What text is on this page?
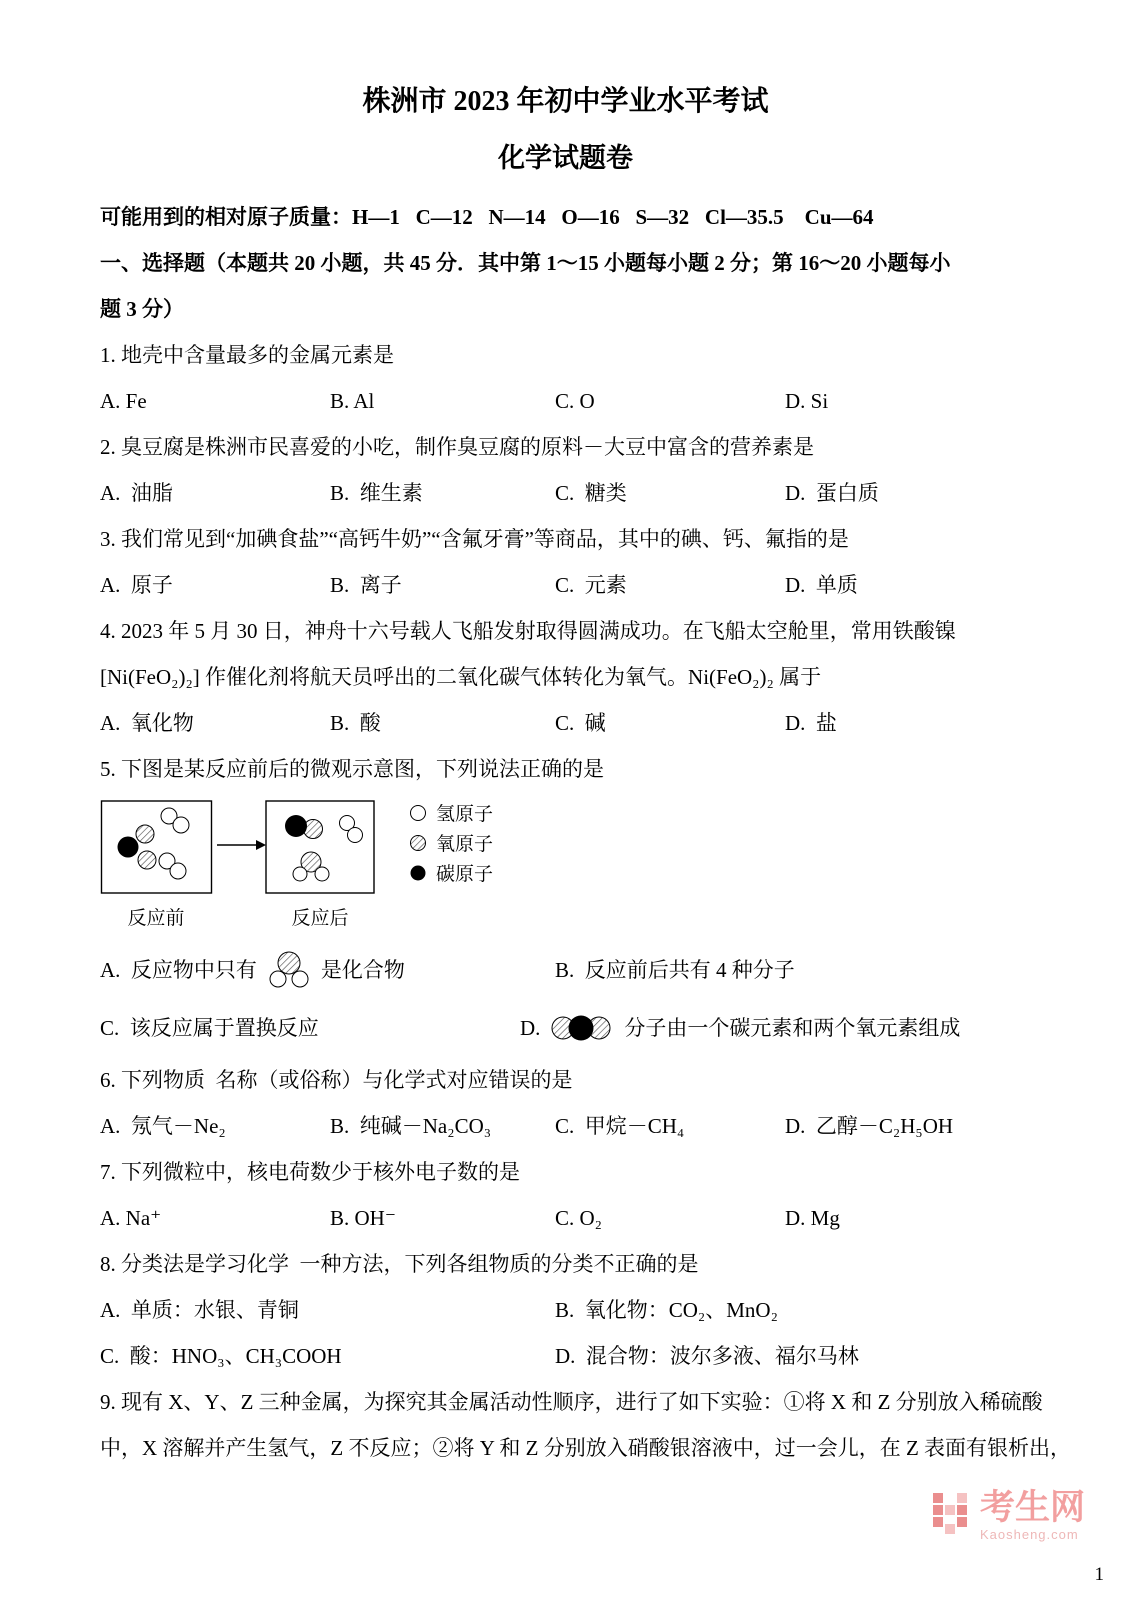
株洲市 2023 年初中学业水平考试

化学试题卷

可能用到的相对原子质量：H—1   C—12   N—14   O—16   S—32   Cl—35.5    Cu—64

一、选择题（本题共 20 小题，共 45 分．其中第 1～15 小题每小题 2 分；第 16～20 小题每小

题 3 分）

1. 地壳中含量最多的金属元素是

A. Fe	B. Al	C. O	D. Si

2. 臭豆腐是株洲市民喜爱的小吃，制作臭豆腐的原料－大豆中富含的营养素是

A.  油脂	B.  维生素	C.  糖类	D.  蛋白质

3. 我们常见到“加碘食盐”“高钙牛奶”“含氟牙膏”等商品，其中的碘、钙、氟指的是

A.  原子	B.  离子	C.  元素	D.  单质

4. 2023 年 5 月 30 日，神舟十六号载人飞船发射取得圆满成功。在飞船太空舱里，常用铁酸镍

[Ni(FeO₂)₂] 作催化剂将航天员呼出的二氧化碳气体转化为氧气。Ni(FeO₂)₂ 属于

A.  氧化物	B.  酸	C.  碱	D.  盐

5. 下图是某反应前后的微观示意图，下列说法正确的是

氢原子
氧原子
碳原子
反应前	反应后
A.  反应物中只有	是化合物	B.  反应前后共有 4 种分子
C.  该反应属于置换反应	D.	分子由一个碳元素和两个氧元素组成

6. 下列物质  名称（或俗称）与化学式对应错误的是

A.  氖气－Ne₂	B.  纯碱－Na₂CO₃	C.  甲烷－CH₄	D.  乙醇－C₂H₅OH

7. 下列微粒中，核电荷数少于核外电子数的是

A. Na⁺	B. OH⁻	C. O₂	D. Mg

8. 分类法是学习化学  一种方法，下列各组物质的分类不正确的是

A.  单质：水银、青铜	B.  氧化物：CO₂、MnO₂
C.  酸：HNO₃、CH₃COOH	D.  混合物：波尔多液、福尔马林

9. 现有 X、Y、Z 三种金属，为探究其金属活动性顺序，进行了如下实验：①将 X 和 Z 分别放入稀硫酸

中，X 溶解并产生氢气，Z 不反应；②将 Y 和 Z 分别放入硝酸银溶液中，过一会儿，在 Z 表面有银析出，

考生网
Kaosheng.com
1
